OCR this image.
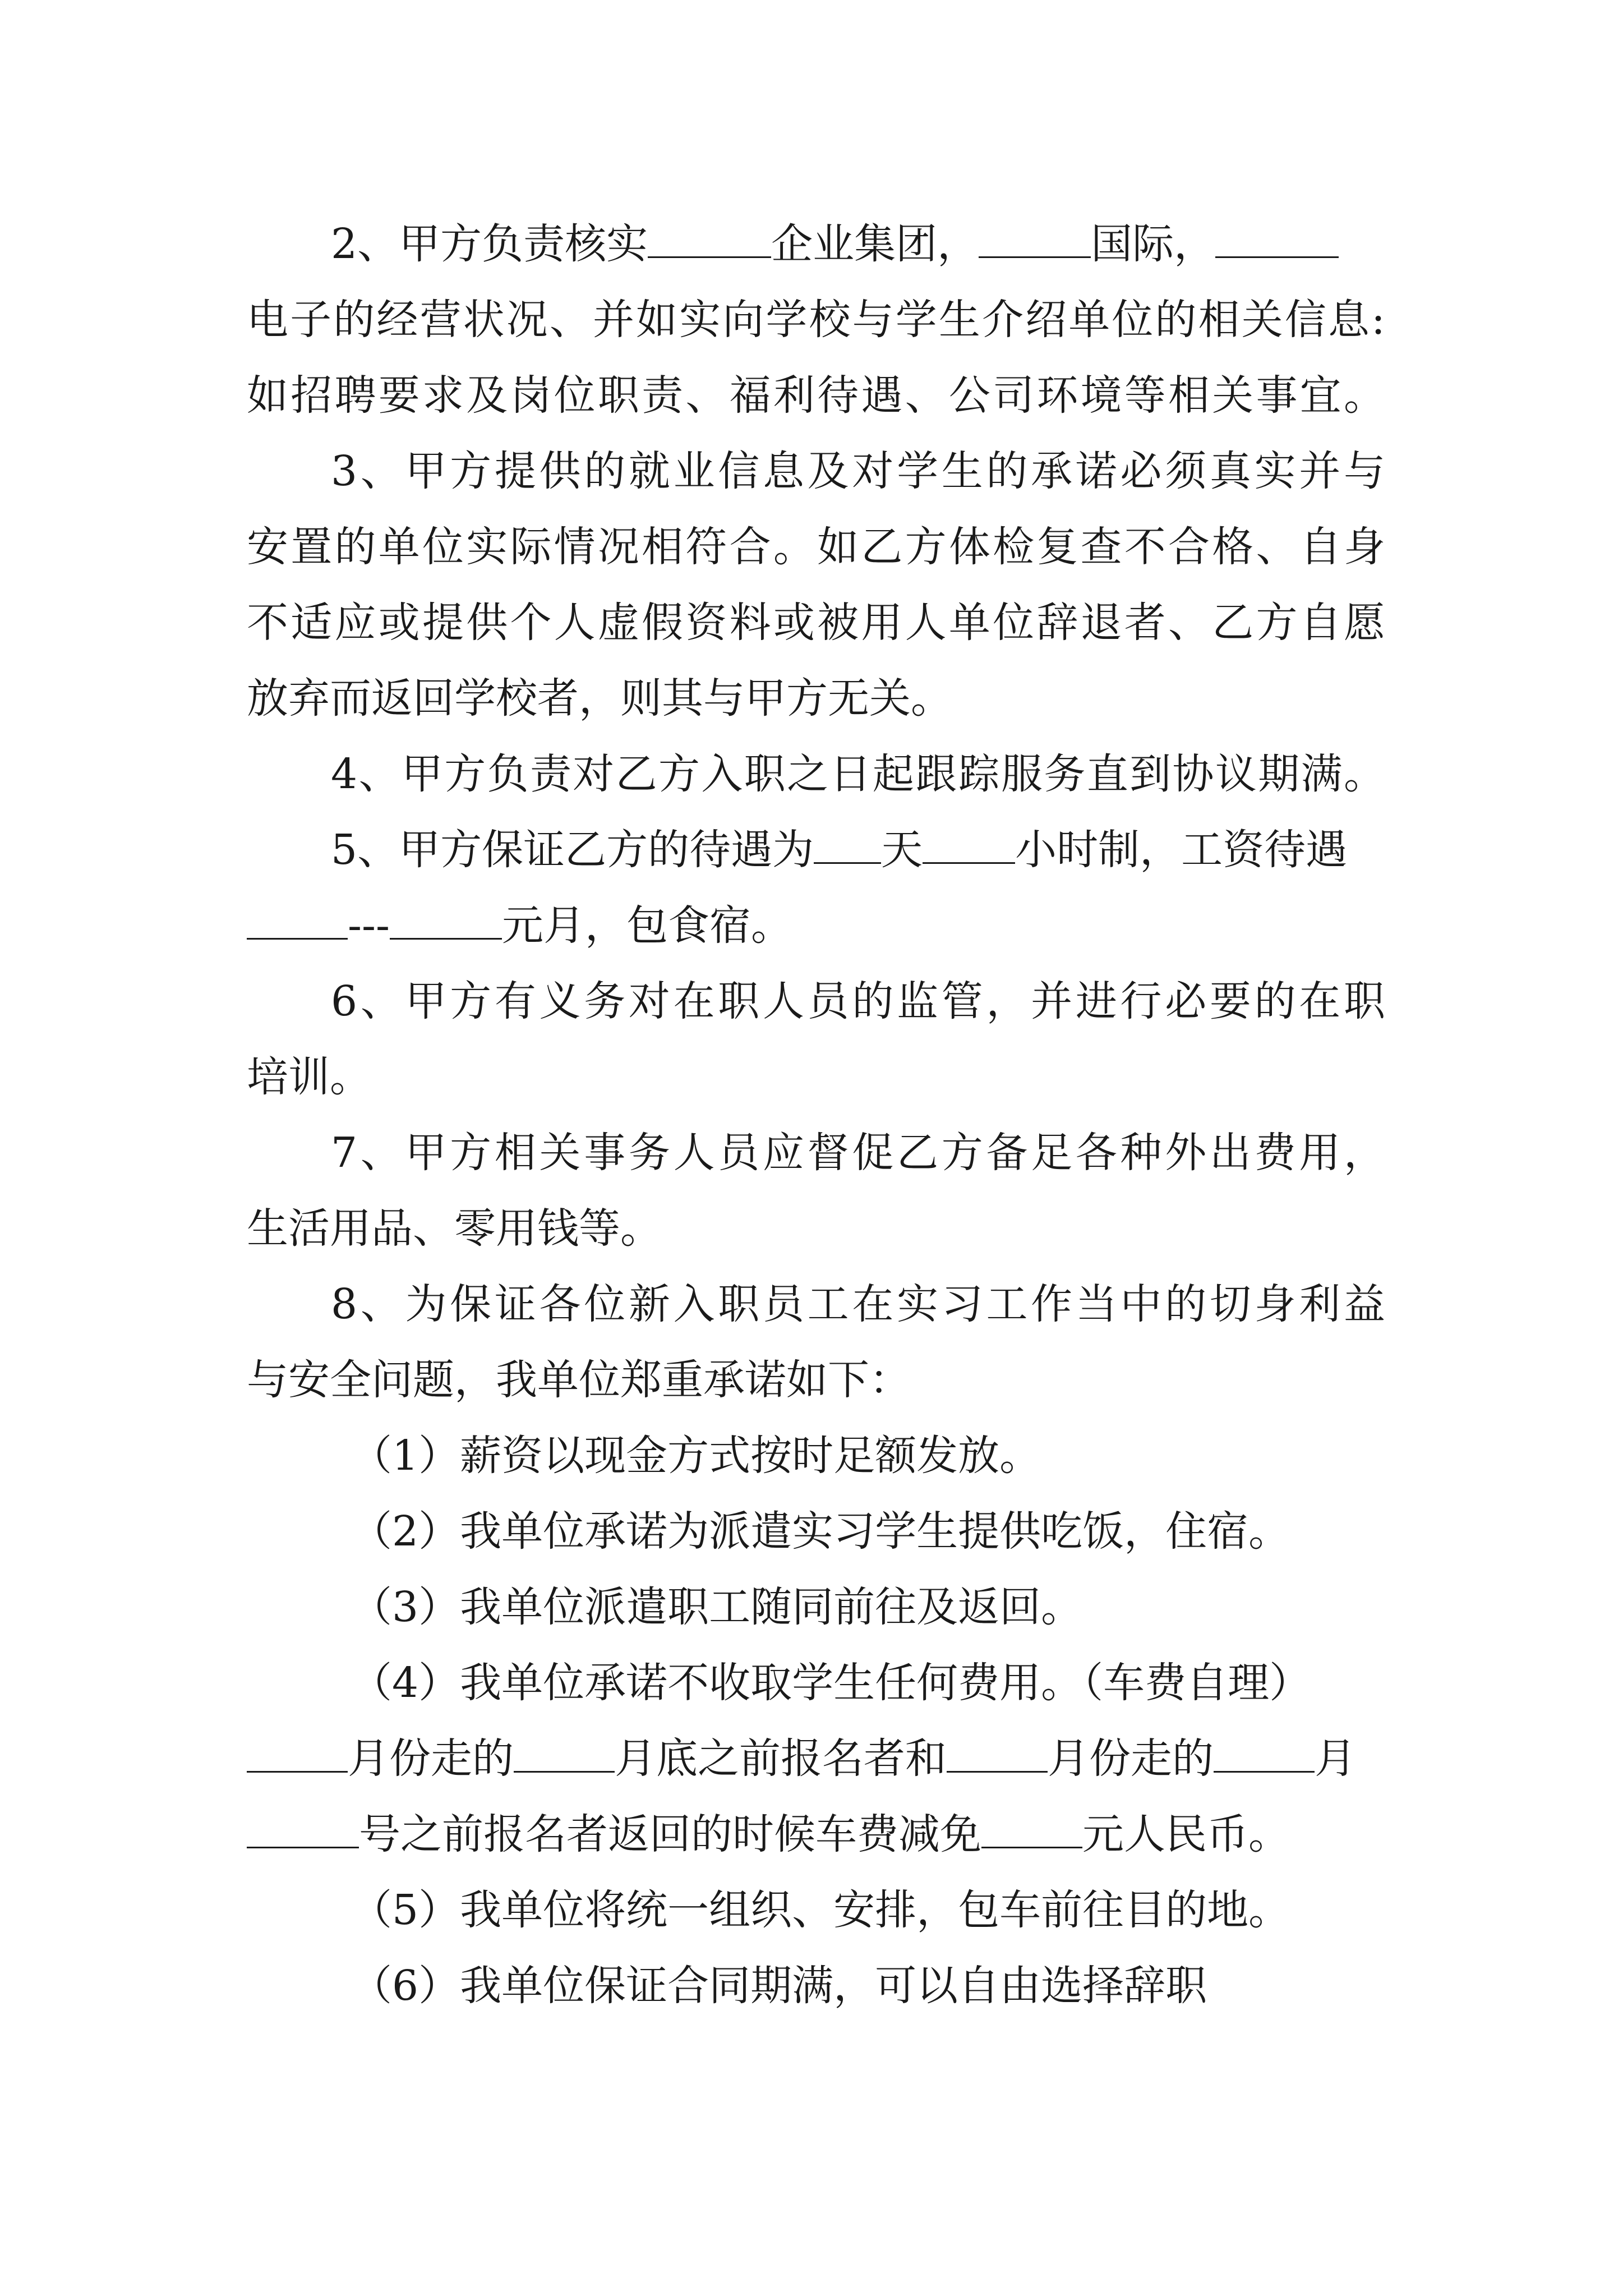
2、甲方负责核实	企业集团，	国际，
电子的经营状况、并如实向学校与学生介绍单位的相关信息:
如招聘要求及岗位职责、福利待遇、公司环境等相关事宜。
3、甲方提供的就业信息及对学生的承诺必须真实并与
安置的单位实际情况相符合。如乙方体检复查不合格、自身
不适应或提供个人虚假资料或被用人单位辞退者、乙方自愿
放弃而返回学校者，则其与甲方无关。
4、甲方负责对乙方入职之日起跟踪服务直到协议期满。
5、甲方保证乙方的待遇为 天 小时制，工资待遇
---	元月，包食宿。
6、甲方有义务对在职人员的监管，并进行必要的在职
培训。
7、甲方相关事务人员应督促乙方备足各种外出费用，
生活用品、零用钱等。
8、为保证各位新入职员工在实习工作当中的切身利益
与安全问题，我单位郑重承诺如下：
（1）薪资以现金方式按时足额发放。
（2）我单位承诺为派遣实习学生提供吃饭，住宿。
（3）我单位派遣职工随同前往及返回。
（4）我单位承诺不收取学生任何费用。（车费自理）
月份走的 月底之前报名者和 月份走的 月
号之前报名者返回的时候车费减免 元人民币。
（5）我单位将统一组织、安排，包车前往目的地。
（6）我单位保证合同期满，可以自由选择辞职
